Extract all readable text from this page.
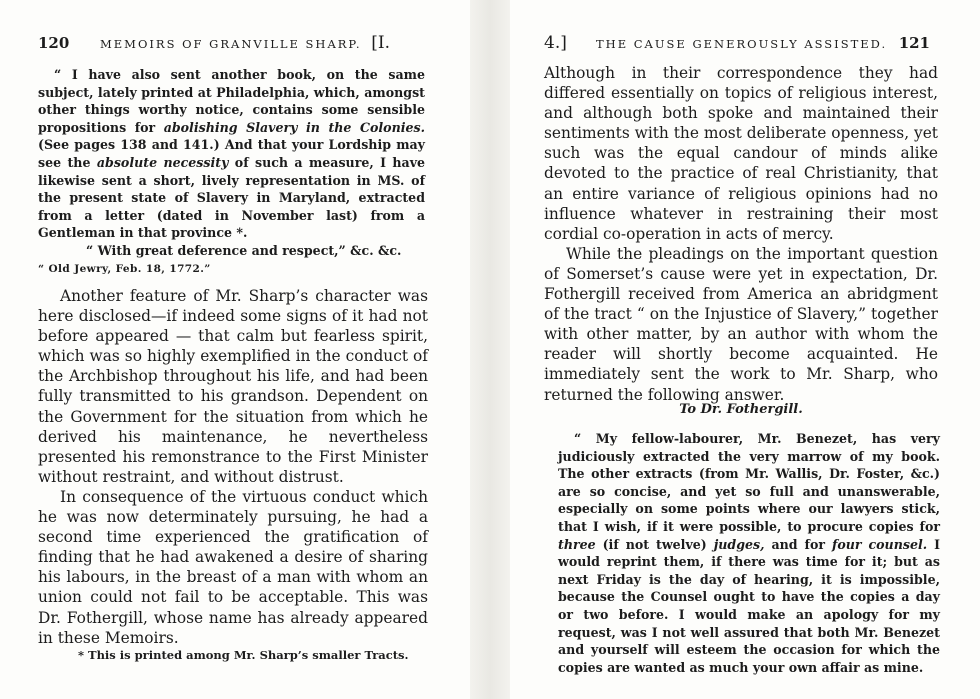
120	MEMOIRS OF GRANVILLE SHARP. [I.

“ I have also sent another book, on the same subject, lately printed at Philadelphia, which, amongst other things worthy notice, contains some sensible propositions for abolishing Slavery in the Colonies. (See pages 138 and 141.) And that your Lordship may see the absolute necessity of such a measure, I have likewise sent a short, lively representation in MS. of the present state of Slavery in Maryland, extracted from a letter (dated in November last) from a Gentleman in that province *.

“ With great deference and respect,” &c. &c.

“ Old Jewry, Feb. 18, 1772.”

Another feature of Mr. Sharp’s character was here disclosed—if indeed some signs of it had not before appeared — that calm but fearless spirit, which was so highly exemplified in the conduct of the Archbishop throughout his life, and had been fully transmitted to his grandson. Dependent on the Government for the situation from which he derived his maintenance, he nevertheless presented his remonstrance to the First Minister without restraint, and without distrust.

In consequence of the virtuous conduct which he was now determinately pursuing, he had a second time experienced the gratification of finding that he had awakened a desire of sharing his labours, in the breast of a man with whom an union could not fail to be acceptable. This was Dr. Fothergill, whose name has already appeared in these Memoirs.

* This is printed among Mr. Sharp’s smaller Tracts.
4.]	THE CAUSE GENEROUSLY ASSISTED. 121

Although in their correspondence they had differed essentially on topics of religious interest, and although both spoke and maintained their sentiments with the most deliberate openness, yet such was the equal candour of minds alike devoted to the practice of real Christianity, that an entire variance of religious opinions had no influence whatever in restraining their most cordial co-operation in acts of mercy.

While the pleadings on the important question of Somerset’s cause were yet in expectation, Dr. Fothergill received from America an abridgment of the tract “ on the Injustice of Slavery,” together with other matter, by an author with whom the reader will shortly become acquainted. He immediately sent the work to Mr. Sharp, who returned the following answer.

To Dr. Fothergill.

“ My fellow-labourer, Mr. Benezet, has very judiciously extracted the very marrow of my book. The other extracts (from Mr. Wallis, Dr. Foster, &c.) are so concise, and yet so full and unanswerable, especially on some points where our lawyers stick, that I wish, if it were possible, to procure copies for three (if not twelve) judges, and for four counsel. I would reprint them, if there was time for it; but as next Friday is the day of hearing, it is impossible, because the Counsel ought to have the copies a day or two before. I would make an apology for my request, was I not well assured that both Mr. Benezet and yourself will esteem the occasion for which the copies are wanted as much your own affair as mine.
